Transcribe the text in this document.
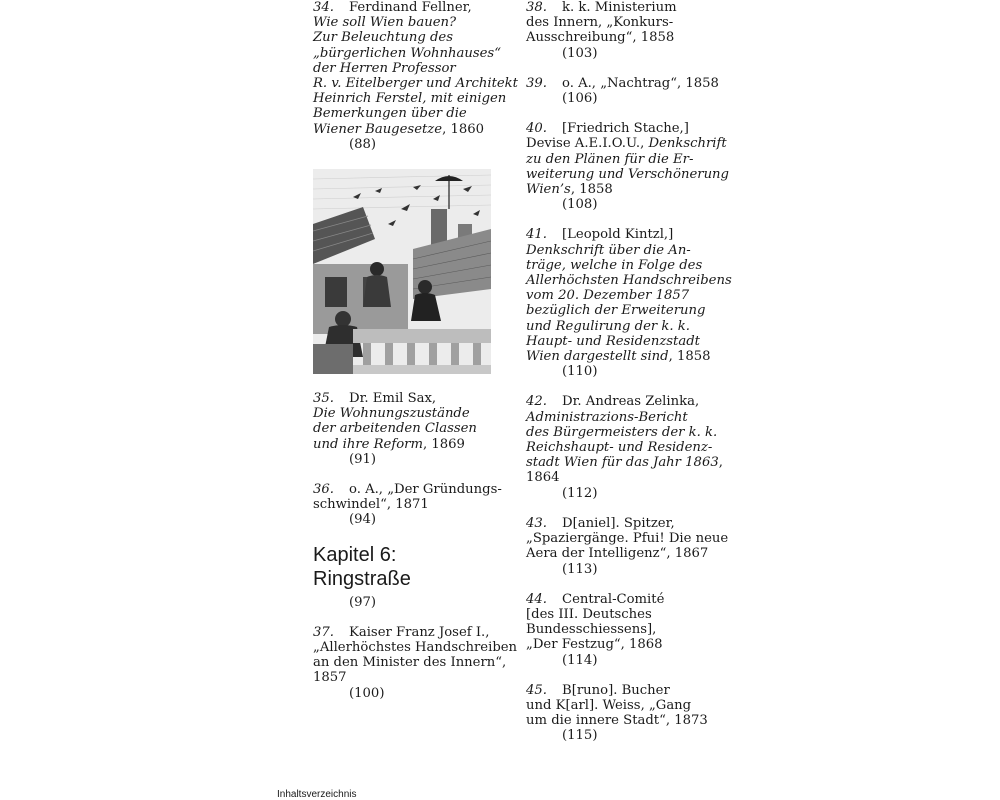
34. Ferdinand Fellner,
Wie soll Wien bauen?
Zur Beleuchtung des
„bürgerlichen Wohnhauses“
der Herren Professor
R. v. Eitelberger und Architekt
Heinrich Ferstel, mit einigen
Bemerkungen über die
Wiener Baugesetze, 1860
(88)
35. Dr. Emil Sax,
Die Wohnungszustände
der arbeitenden Classen
und ihre Reform, 1869
(91)
36. o. A., „Der Gründungs-
schwindel“, 1871
(94)
Kapitel 6:
Ringstraße
(97)
37. Kaiser Franz Josef I.,
„Allerhöchstes Handschreiben
an den Minister des Innern“,
1857
(100)
38. k. k. Ministerium
des Innern, „Konkurs-
Ausschreibung“, 1858
(103)
39. o. A., „Nachtrag“, 1858
(106)
40. [Friedrich Stache,]
Devise A.E.I.O.U., Denkschrift
zu den Plänen für die Er-
weiterung und Verschönerung
Wien’s, 1858
(108)
41. [Leopold Kintzl,]
Denkschrift über die An-
träge, welche in Folge des
Allerhöchsten Handschreibens
vom 20. Dezember 1857
bezüglich der Erweiterung
und Regulirung der k. k.
Haupt- und Residenzstadt
Wien dargestellt sind, 1858
(110)
42. Dr. Andreas Zelinka,
Administrazions-Bericht
des Bürgermeisters der k. k.
Reichshaupt- und Residenz-
stadt Wien für das Jahr 1863,
1864
(112)
43. D[aniel]. Spitzer,
„Spaziergänge. Pfui! Die neue
Aera der Intelligenz“, 1867
(113)
44. Central-Comité
[des III. Deutsches
Bundesschiessens],
„Der Festzug“, 1868
(114)
45. B[runo]. Bucher
und K[arl]. Weiss, „Gang
um die innere Stadt“, 1873
(115)
Inhaltsverzeichnis
